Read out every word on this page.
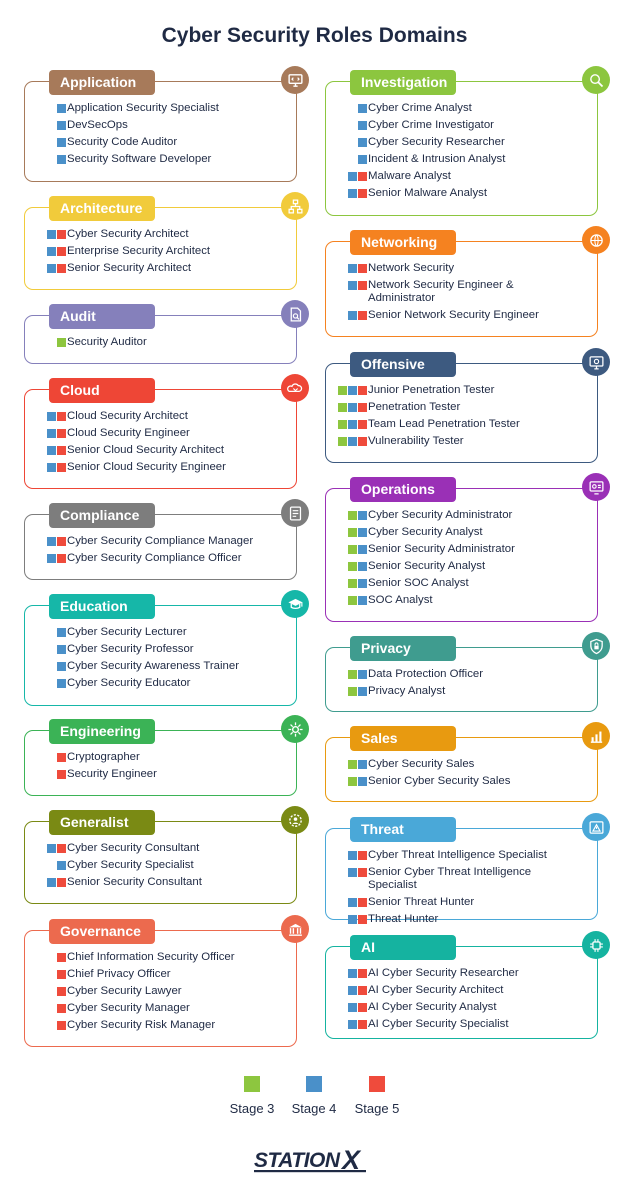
Cyber Security Roles Domains
Application
Application Security Specialist
DevSecOps
Security Code Auditor
Security Software Developer
Architecture
Cyber Security Architect
Enterprise Security Architect
Senior Security Architect
Audit
Security Auditor
Cloud
Cloud Security Architect
Cloud Security Engineer
Senior Cloud Security Architect
Senior Cloud Security Engineer
Compliance
Cyber Security Compliance Manager
Cyber Security Compliance Officer
Education
Cyber Security Lecturer
Cyber Security Professor
Cyber Security Awareness Trainer
Cyber Security Educator
Engineering
Cryptographer
Security Engineer
Generalist
Cyber Security Consultant
Cyber Security Specialist
Senior Security Consultant
Governance
Chief Information Security Officer
Chief Privacy Officer
Cyber Security Lawyer
Cyber Security Manager
Cyber Security Risk Manager
Investigation
Cyber Crime Analyst
Cyber Crime Investigator
Cyber Security Researcher
Incident & Intrusion Analyst
Malware Analyst
Senior Malware Analyst
Networking
Network Security
Network Security Engineer & Administrator
Senior Network Security Engineer
Offensive
Junior Penetration Tester
Penetration Tester
Team Lead Penetration Tester
Vulnerability Tester
Operations
Cyber Security Administrator
Cyber Security Analyst
Senior Security Administrator
Senior Security Analyst
Senior SOC Analyst
SOC Analyst
Privacy
Data Protection Officer
Privacy Analyst
Sales
Cyber Security Sales
Senior Cyber Security Sales
Threat
Cyber Threat Intelligence Specialist
Senior Cyber Threat Intelligence Specialist
Senior Threat Hunter
Threat Hunter
AI
AI Cyber Security Researcher
AI Cyber Security Architect
AI Cyber Security Analyst
AI Cyber Security Specialist
Stage 3	Stage 4	Stage 5
STATION X
